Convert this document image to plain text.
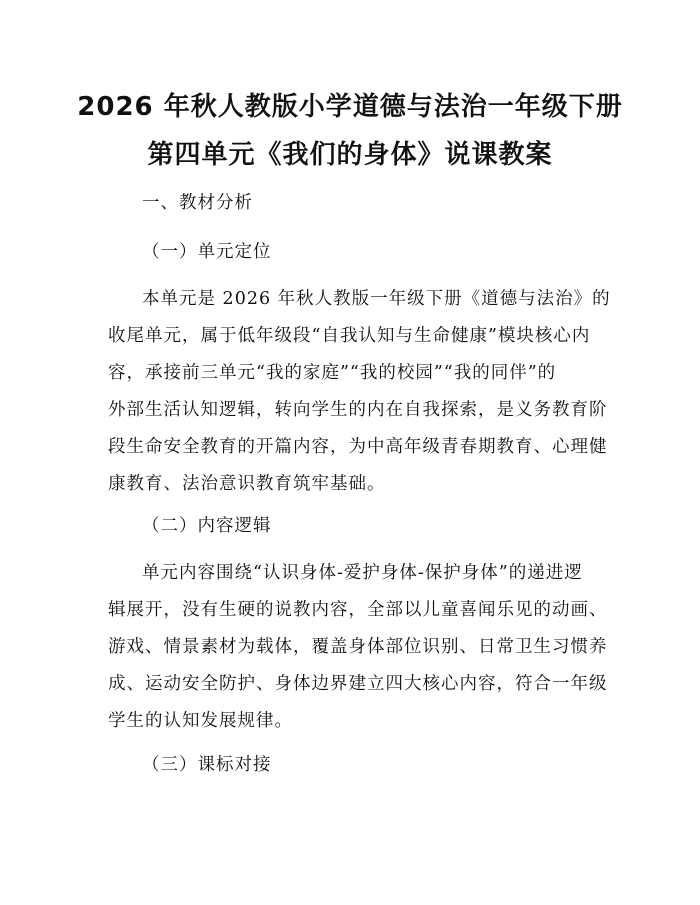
2026 年秋人教版小学道德与法治一年级下册
第四单元《我们的身体》说课教案
一、教材分析
（一）单元定位
本单元是 2026 年秋人教版一年级下册《道德与法治》的
收尾单元，属于低年级段“自我认知与生命健康”模块核心内
容，承接前三单元“我的家庭”“我的校园”“我的同伴”的
外部生活认知逻辑，转向学生的内在自我探索，是义务教育阶
段生命安全教育的开篇内容，为中高年级青春期教育、心理健
康教育、法治意识教育筑牢基础。
（二）内容逻辑
单元内容围绕“认识身体-爱护身体-保护身体”的递进逻
辑展开，没有生硬的说教内容，全部以儿童喜闻乐见的动画、
游戏、情景素材为载体，覆盖身体部位识别、日常卫生习惯养
成、运动安全防护、身体边界建立四大核心内容，符合一年级
学生的认知发展规律。
（三）课标对接
